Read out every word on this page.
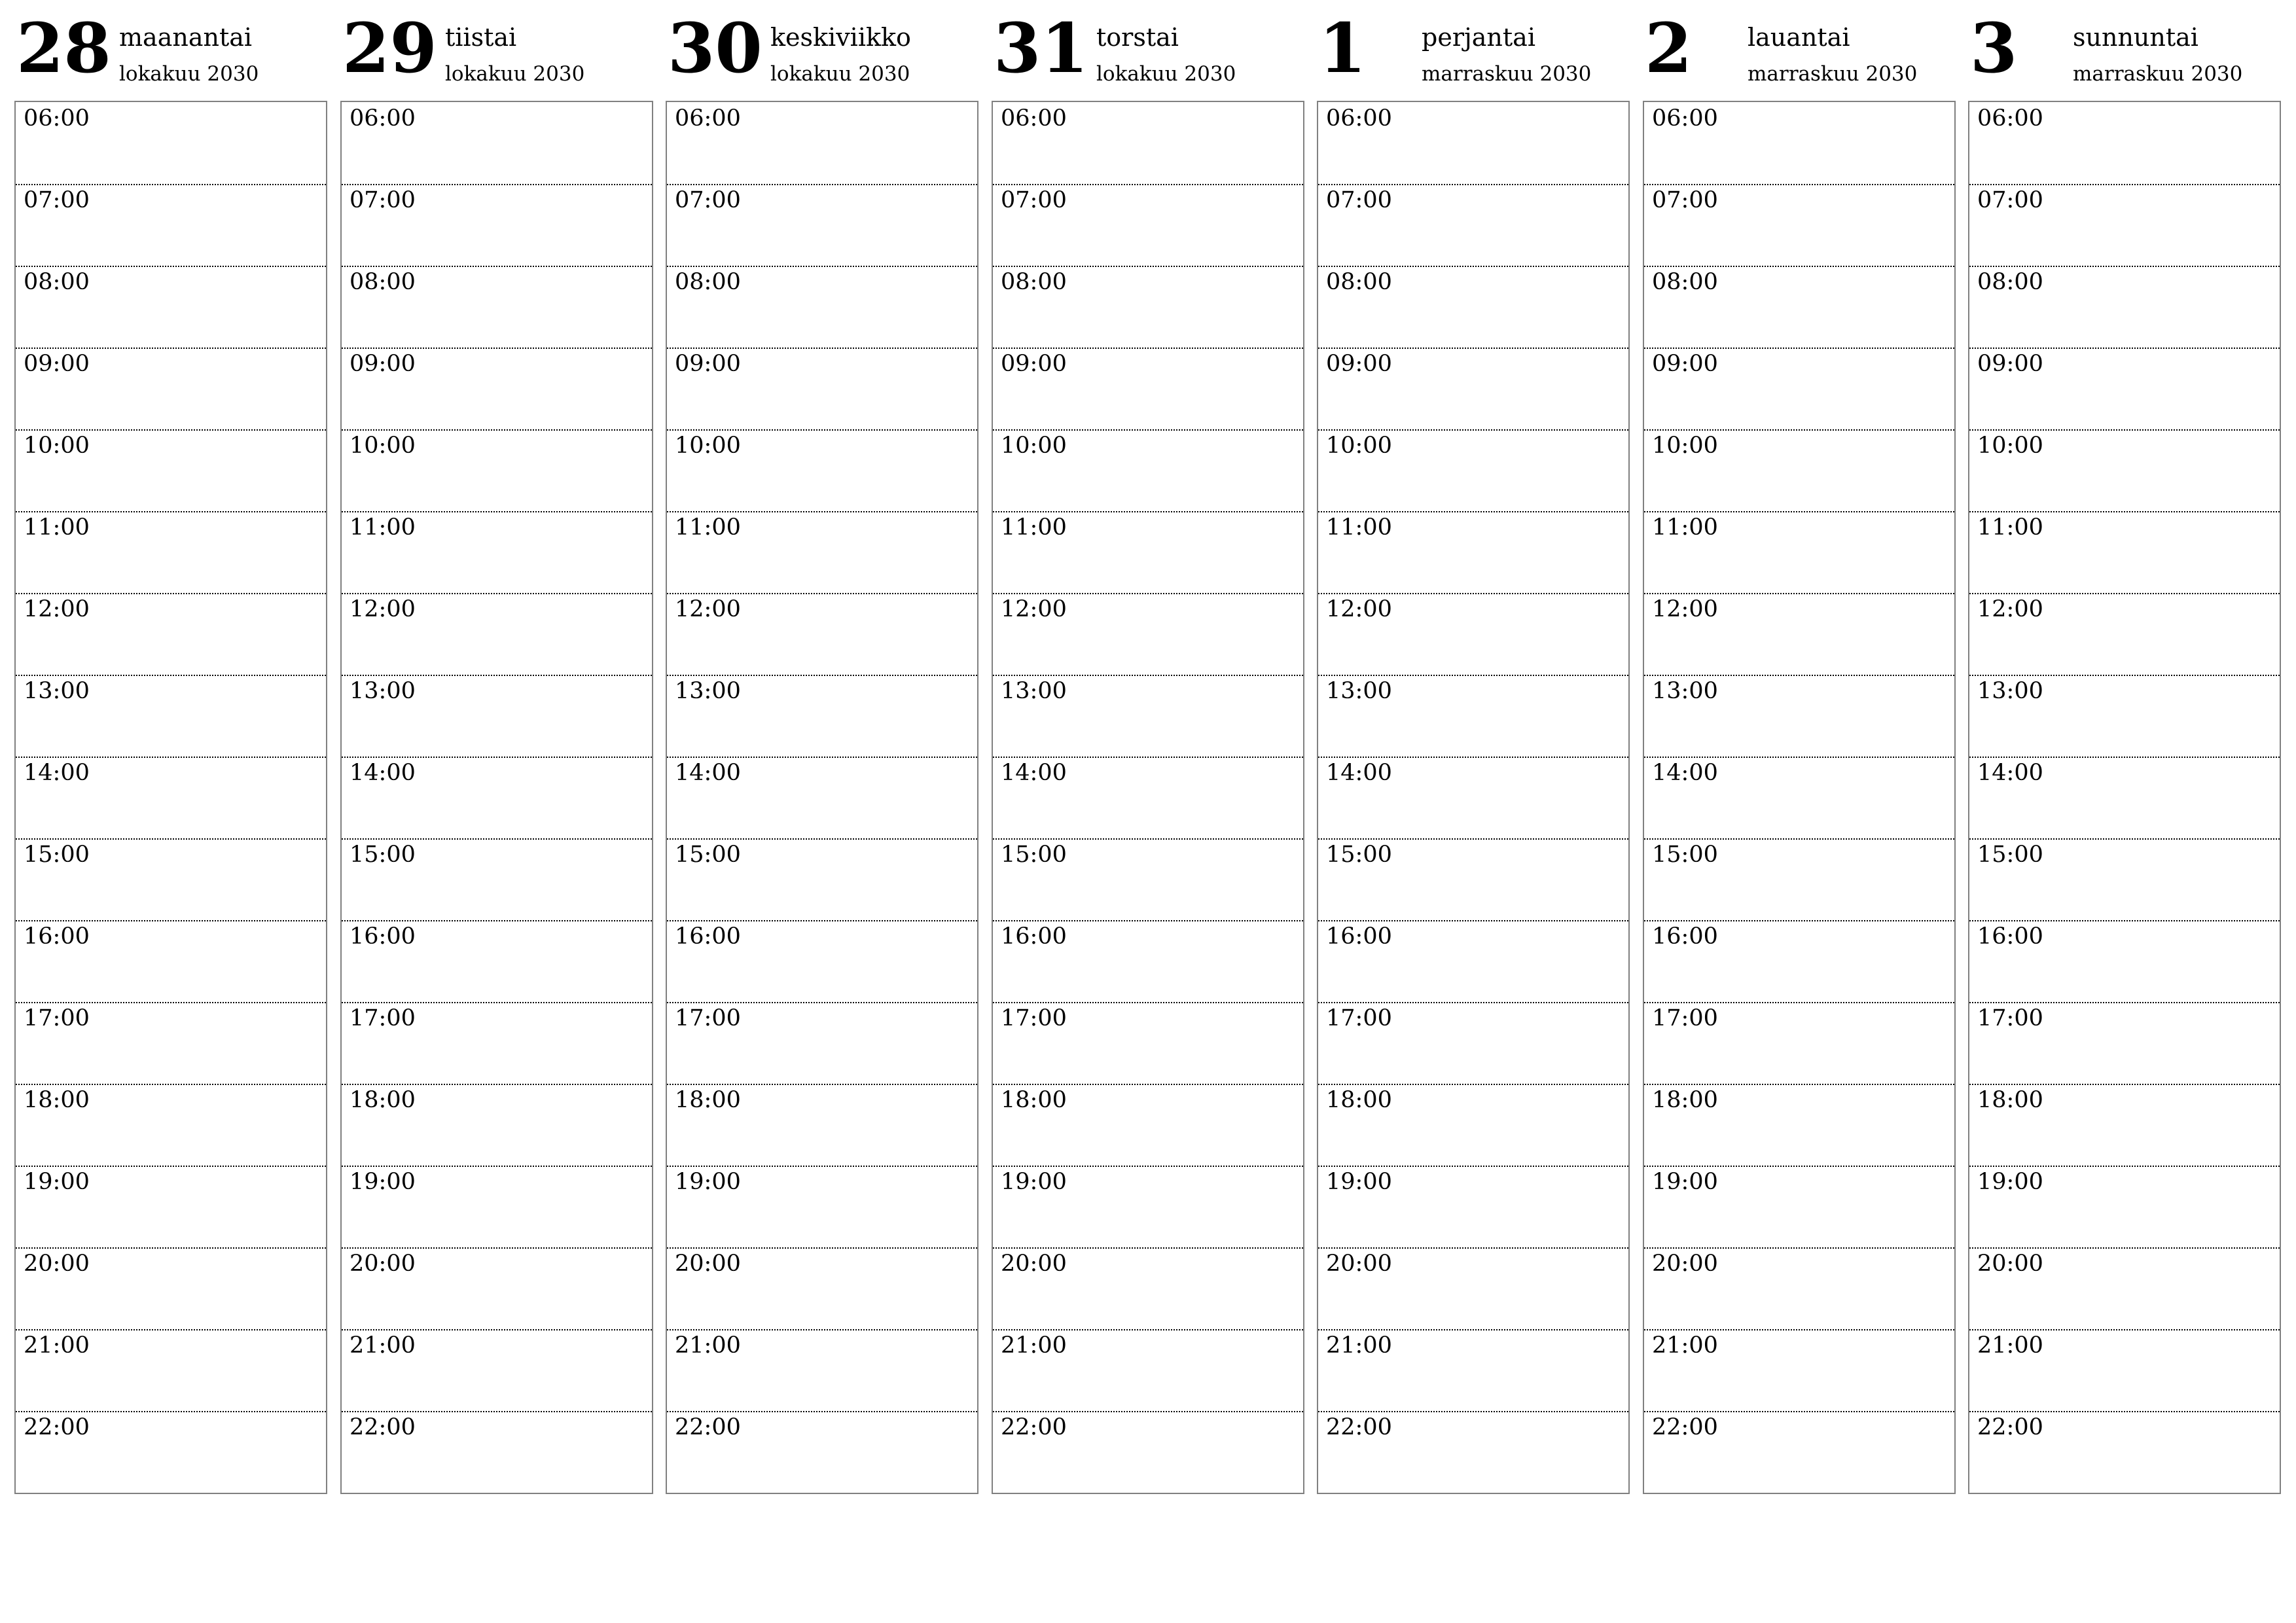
28 maanantai
lokakuu 2030
06:00
07:00
08:00
09:00
10:00
11:00
12:00
13:00
14:00
15:00
16:00
17:00
18:00
19:00
20:00
21:00
22:00
29 tiistai
lokakuu 2030
06:00
07:00
08:00
09:00
10:00
11:00
12:00
13:00
14:00
15:00
16:00
17:00
18:00
19:00
20:00
21:00
22:00
30 keskiviikko
lokakuu 2030
06:00
07:00
08:00
09:00
10:00
11:00
12:00
13:00
14:00
15:00
16:00
17:00
18:00
19:00
20:00
21:00
22:00
31 torstai
lokakuu 2030
06:00
07:00
08:00
09:00
10:00
11:00
12:00
13:00
14:00
15:00
16:00
17:00
18:00
19:00
20:00
21:00
22:00
1 perjantai
marraskuu 2030
06:00
07:00
08:00
09:00
10:00
11:00
12:00
13:00
14:00
15:00
16:00
17:00
18:00
19:00
20:00
21:00
22:00
2 lauantai
marraskuu 2030
06:00
07:00
08:00
09:00
10:00
11:00
12:00
13:00
14:00
15:00
16:00
17:00
18:00
19:00
20:00
21:00
22:00
3 sunnuntai
marraskuu 2030
06:00
07:00
08:00
09:00
10:00
11:00
12:00
13:00
14:00
15:00
16:00
17:00
18:00
19:00
20:00
21:00
22:00
